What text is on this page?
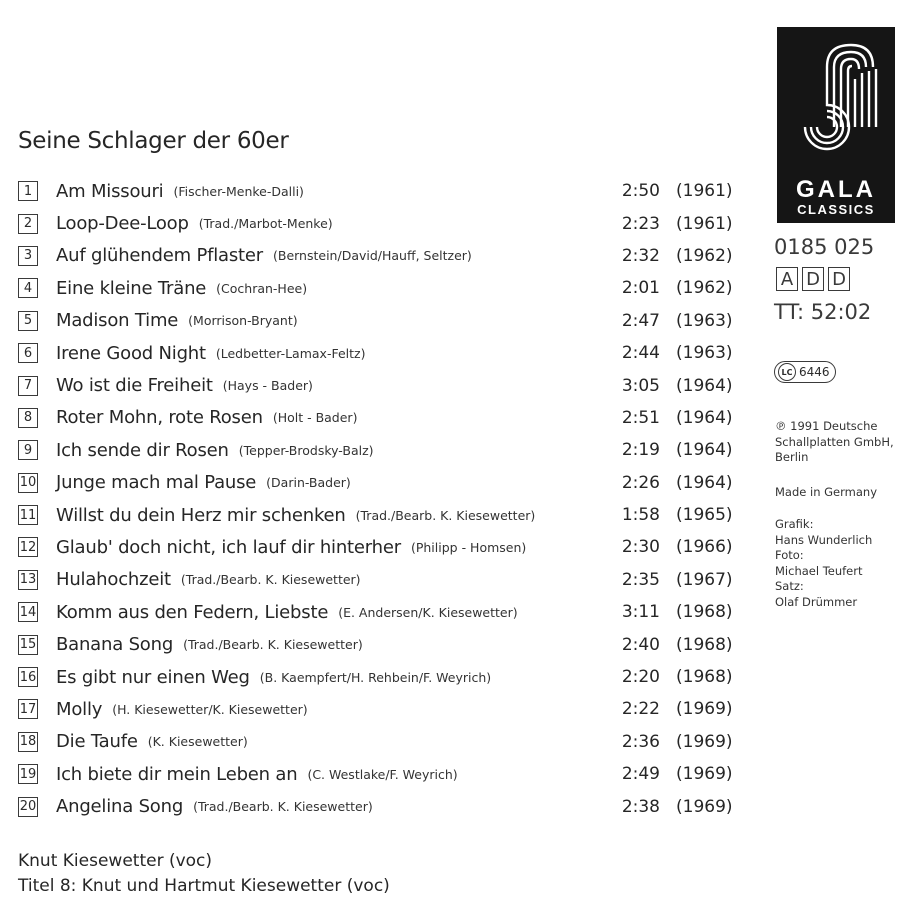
Seine Schlager der 60er
1	Am Missouri (Fischer-Menke-Dalli)	2:50 (1961)
2	Loop-Dee-Loop (Trad./Marbot-Menke)	2:23 (1961)
3	Auf glühendem Pflaster (Bernstein/David/Hauff, Seltzer)	2:32 (1962)
4	Eine kleine Träne (Cochran-Hee)	2:01 (1962)
5	Madison Time (Morrison-Bryant)	2:47 (1963)
6	Irene Good Night (Ledbetter-Lamax-Feltz)	2:44 (1963)
7	Wo ist die Freiheit (Hays - Bader)	3:05 (1964)
8	Roter Mohn, rote Rosen (Holt - Bader)	2:51 (1964)
9	Ich sende dir Rosen (Tepper-Brodsky-Balz)	2:19 (1964)
10 Junge mach mal Pause (Darin-Bader)	2:26 (1964)
11 Willst du dein Herz mir schenken (Trad./Bearb. K. Kiesewetter)	1:58 (1965)
12 Glaub' doch nicht, ich lauf dir hinterher (Philipp - Homsen)	2:30 (1966)
13 Hulahochzeit (Trad./Bearb. K. Kiesewetter)	2:35 (1967)
14 Komm aus den Federn, Liebste (E. Andersen/K. Kiesewetter)	3:11 (1968)
15 Banana Song (Trad./Bearb. K. Kiesewetter)	2:40 (1968)
16 Es gibt nur einen Weg (B. Kaempfert/H. Rehbein/F. Weyrich)	2:20 (1968)
17 Molly (H. Kiesewetter/K. Kiesewetter)	2:22 (1969)
18 Die Taufe (K. Kiesewetter)	2:36 (1969)
19 Ich biete dir mein Leben an (C. Westlake/F. Weyrich)	2:49 (1969)
20 Angelina Song (Trad./Bearb. K. Kiesewetter)	2:38 (1969)
Knut Kiesewetter (voc)
Titel 8: Knut und Hartmut Kiesewetter (voc)
GALA
CLASSICS
0185 025
A D D
TT: 52:02
LC 6446
℗ 1991 Deutsche
Schallplatten GmbH,
Berlin
Made in Germany
Grafik:
Hans Wunderlich
Foto:
Michael Teufert
Satz:
Olaf Drümmer
